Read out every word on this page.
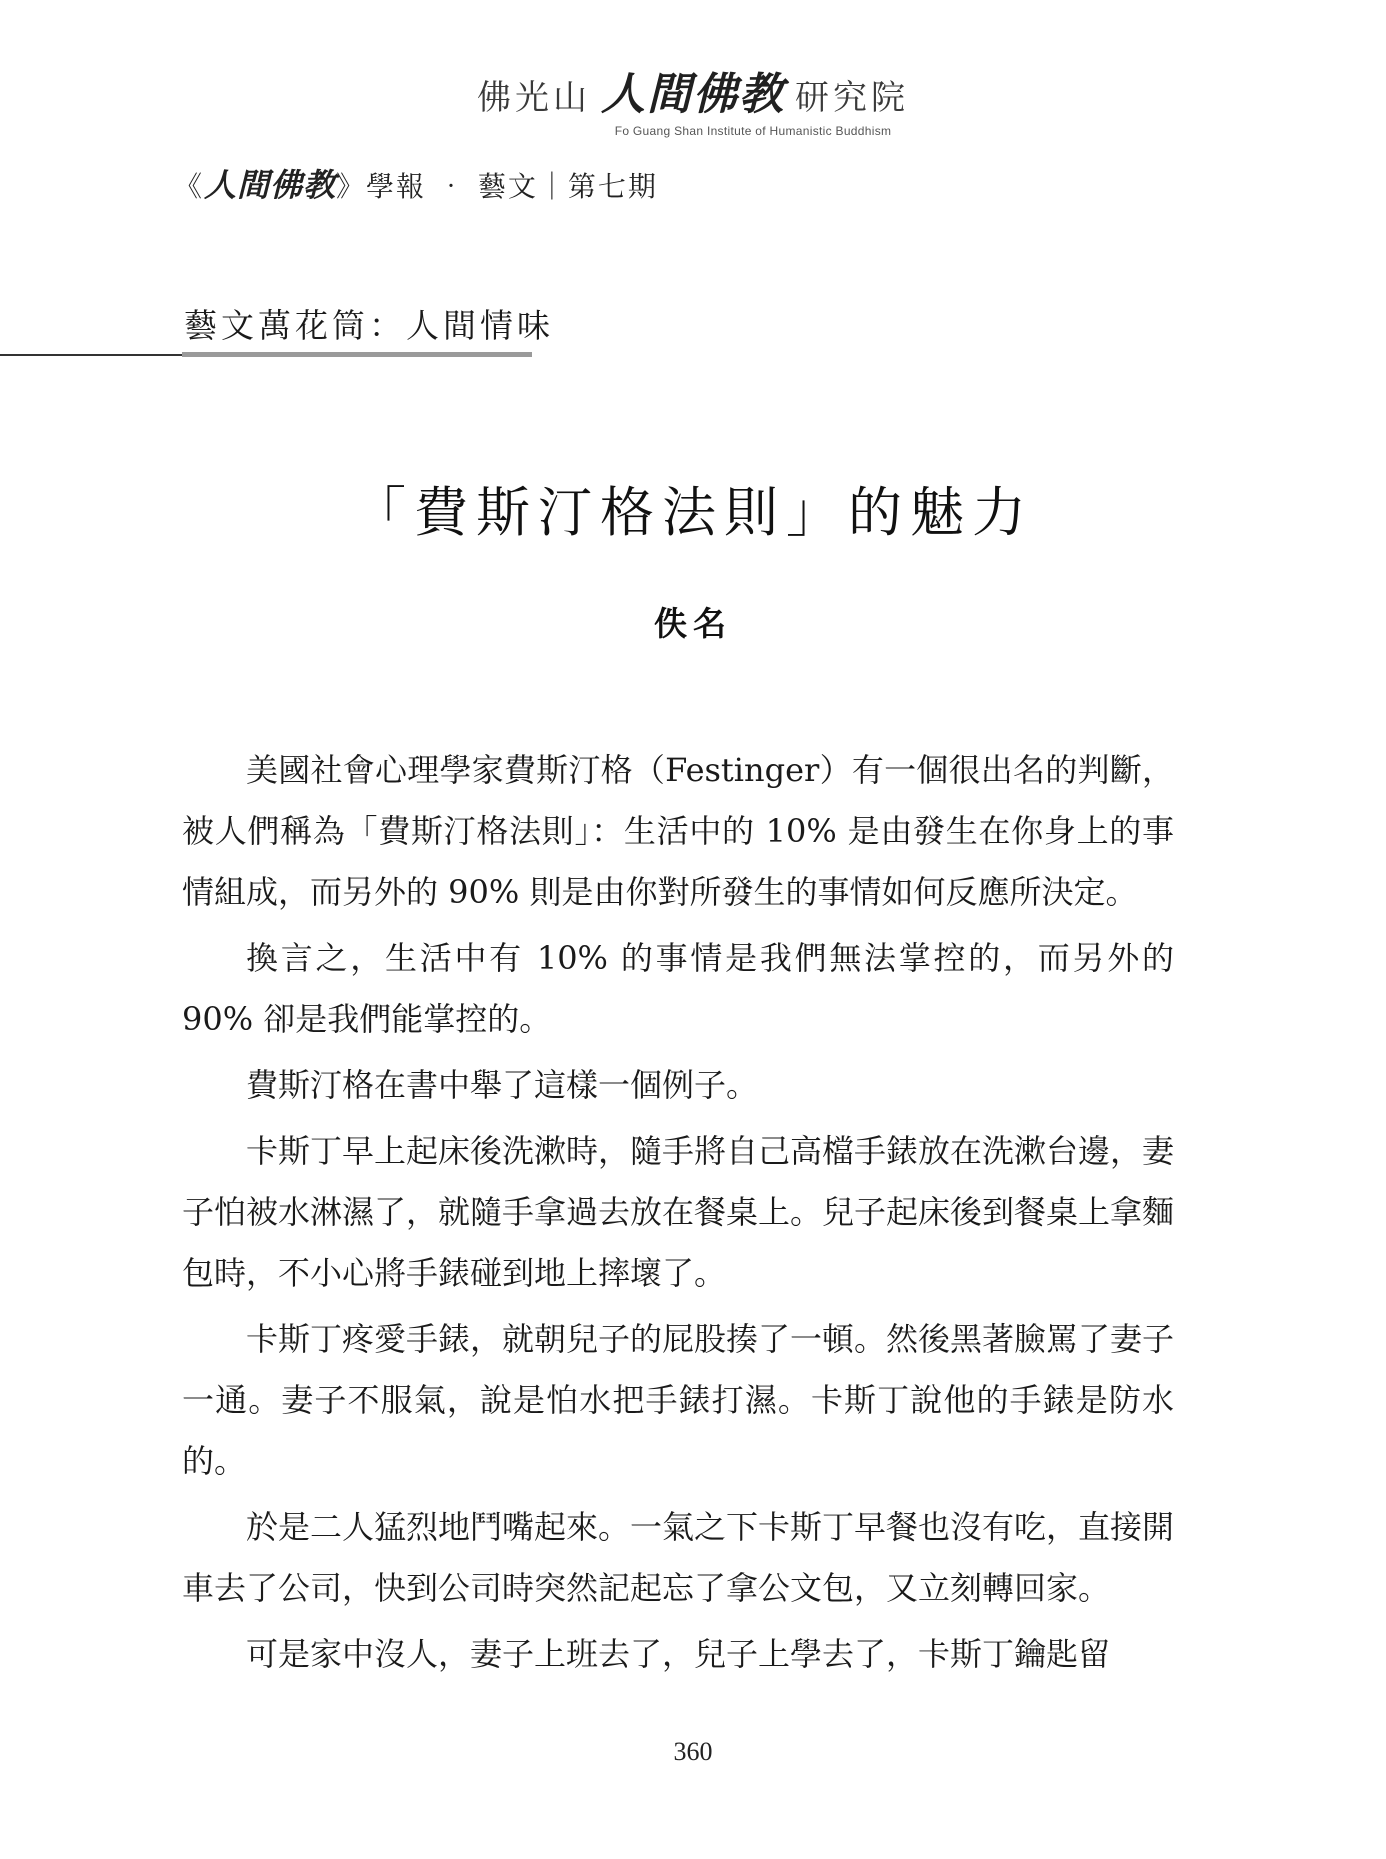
佛光山 人間佛教 研究院
Fo Guang Shan Institute of Humanistic Buddhism
《人間佛教》學報 ‧ 藝文｜第七期
藝文萬花筒：人間情味
「費斯汀格法則」的魅力
佚名

美國社會心理學家費斯汀格（Festinger）有一個很出名的判斷，被人們稱為「費斯汀格法則」：生活中的 10% 是由發生在你身上的事情組成，而另外的 90% 則是由你對所發生的事情如何反應所決定。

換言之，生活中有 10% 的事情是我們無法掌控的，而另外的 90% 卻是我們能掌控的。

費斯汀格在書中舉了這樣一個例子。

卡斯丁早上起床後洗漱時，隨手將自己高檔手錶放在洗漱台邊，妻子怕被水淋濕了，就隨手拿過去放在餐桌上。兒子起床後到餐桌上拿麵包時，不小心將手錶碰到地上摔壞了。

卡斯丁疼愛手錶，就朝兒子的屁股揍了一頓。然後黑著臉罵了妻子一通。妻子不服氣，說是怕水把手錶打濕。卡斯丁說他的手錶是防水的。

於是二人猛烈地鬥嘴起來。一氣之下卡斯丁早餐也沒有吃，直接開車去了公司，快到公司時突然記起忘了拿公文包，又立刻轉回家。

可是家中沒人，妻子上班去了，兒子上學去了，卡斯丁鑰匙留

360
